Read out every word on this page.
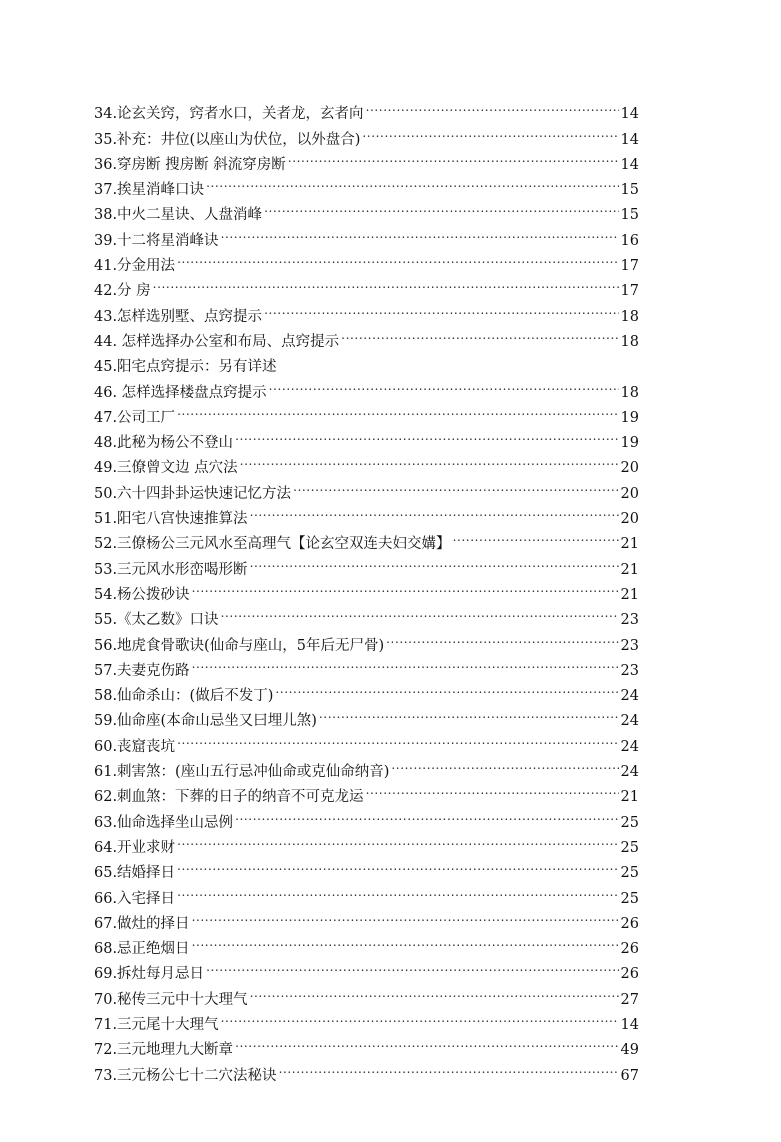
34.论玄关窍，窍者水口，关者龙，玄者向 .....	14
35.补充：井位(以座山为伏位，以外盘合) .....	14
36.穿房断 搜房断 斜流穿房断 .....	14
37.挨星消峰口诀 .....	15
38.中火二星诀、人盘消峰 .....	15
39.十二将星消峰诀 .....	16
41.分金用法 .....	17
42.分 房 .....	17
43.怎样选别墅、点窍提示 .....	18
44. 怎样选择办公室和布局、点窍提示 .....	18
45.阳宅点窍提示：另有详述
46. 怎样选择楼盘点窍提示 .....	18
47.公司工厂 .....	19
48.此秘为杨公不登山 .....	19
49.三僚曾文边 点穴法 .....	20
50.六十四卦卦运快速记忆方法 .....	20
51.阳宅八宫快速推算法 .....	20
52.三僚杨公三元风水至高理气【论玄空双连夫妇交媾】 .....	21
53.三元风水形峦喝形断 .....	21
54.杨公拨砂诀 .....	21
55.《太乙数》口诀 .....	23
56.地虎食骨歌诀(仙命与座山，5年后无尸骨) .....	23
57.夫妻克伤路 .....	23
58.仙命杀山：(做后不发丁) .....	24
59.仙命座(本命山忌坐又曰埋儿煞) .....	24
60.丧窟丧坑 .....	24
61.刺害煞：(座山五行忌冲仙命或克仙命纳音) .....	24
62.刺血煞：下葬的日子的纳音不可克龙运 .....	21
63.仙命选择坐山忌例 .....	25
64.开业求财 .....	25
65.结婚择日 .....	25
66.入宅择日 .....	25
67.做灶的择日 .....	26
68.忌正绝烟日 .....	26
69.拆灶每月忌日 .....	26
70.秘传三元中十大理气 .....	27
71.三元尾十大理气 .....	14
72.三元地理九大断章 .....	49
73.三元杨公七十二穴法秘诀 .....	67
